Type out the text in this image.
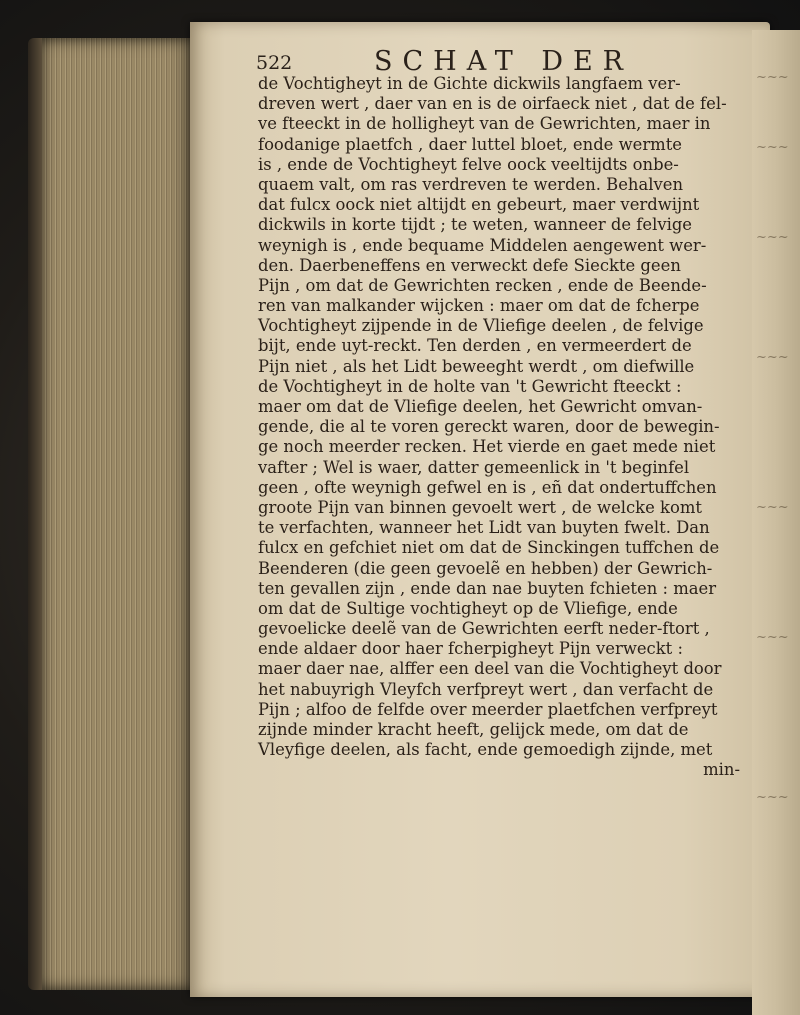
~~~
~~~
~~~
~~~
~~~
~~~
~~~
522	SCHAT DER
de Vochtigheyt in de Gichte dickwils langfaem ver-
dreven wert , daer van en is de oirfaeck niet , dat de fel-
ve fteeckt in de holligheyt van de Gewrichten, maer in
foodanige plaetfch , daer luttel bloet, ende wermte
is , ende de Vochtigheyt felve oock veeltijdts onbe-
quaem valt, om ras verdreven te werden. Behalven
dat fulcx oock niet altijdt en gebeurt, maer verdwijnt
dickwils in korte tijdt ; te weten, wanneer de felvige
weynigh is , ende bequame Middelen aengewent wer-
den. Daerbeneffens en verweckt defe Sieckte geen
Pijn , om dat de Gewrichten recken , ende de Beende-
ren van malkander wijcken : maer om dat de fcherpe
Vochtigheyt zijpende in de Vliefige deelen , de felvige
bijt, ende uyt-reckt. Ten derden , en vermeerdert de
Pijn niet , als het Lidt beweeght werdt , om diefwille
de Vochtigheyt in de holte van 't Gewricht fteeckt :
maer om dat de Vliefige deelen, het Gewricht omvan-
gende, die al te voren gereckt waren, door de bewegin-
ge noch meerder recken. Het vierde en gaet mede niet
vafter ; Wel is waer, datter gemeenlick in 't beginfel
geen , ofte weynigh gefwel en is , eñ dat ondertuffchen
groote Pijn van binnen gevoelt wert , de welcke komt
te verfachten, wanneer het Lidt van buyten fwelt. Dan
fulcx en gefchiet niet om dat de Sinckingen tuffchen de
Beenderen (die geen gevoelẽ en hebben) der Gewrich-
ten gevallen zijn , ende dan nae buyten fchieten : maer
om dat de Sultige vochtigheyt op de Vliefige, ende
gevoelicke deelẽ van de Gewrichten eerft neder-ftort ,
ende aldaer door haer fcherpigheyt Pijn verweckt :
maer daer nae, alffer een deel van die Vochtigheyt door
het nabuyrigh Vleyfch verfpreyt wert , dan verfacht de
Pijn ; alfoo de felfde over meerder plaetfchen verfpreyt
zijnde minder kracht heeft, gelijck mede, om dat de
Vleyfige deelen, als facht, ende gemoedigh zijnde, met
min-
